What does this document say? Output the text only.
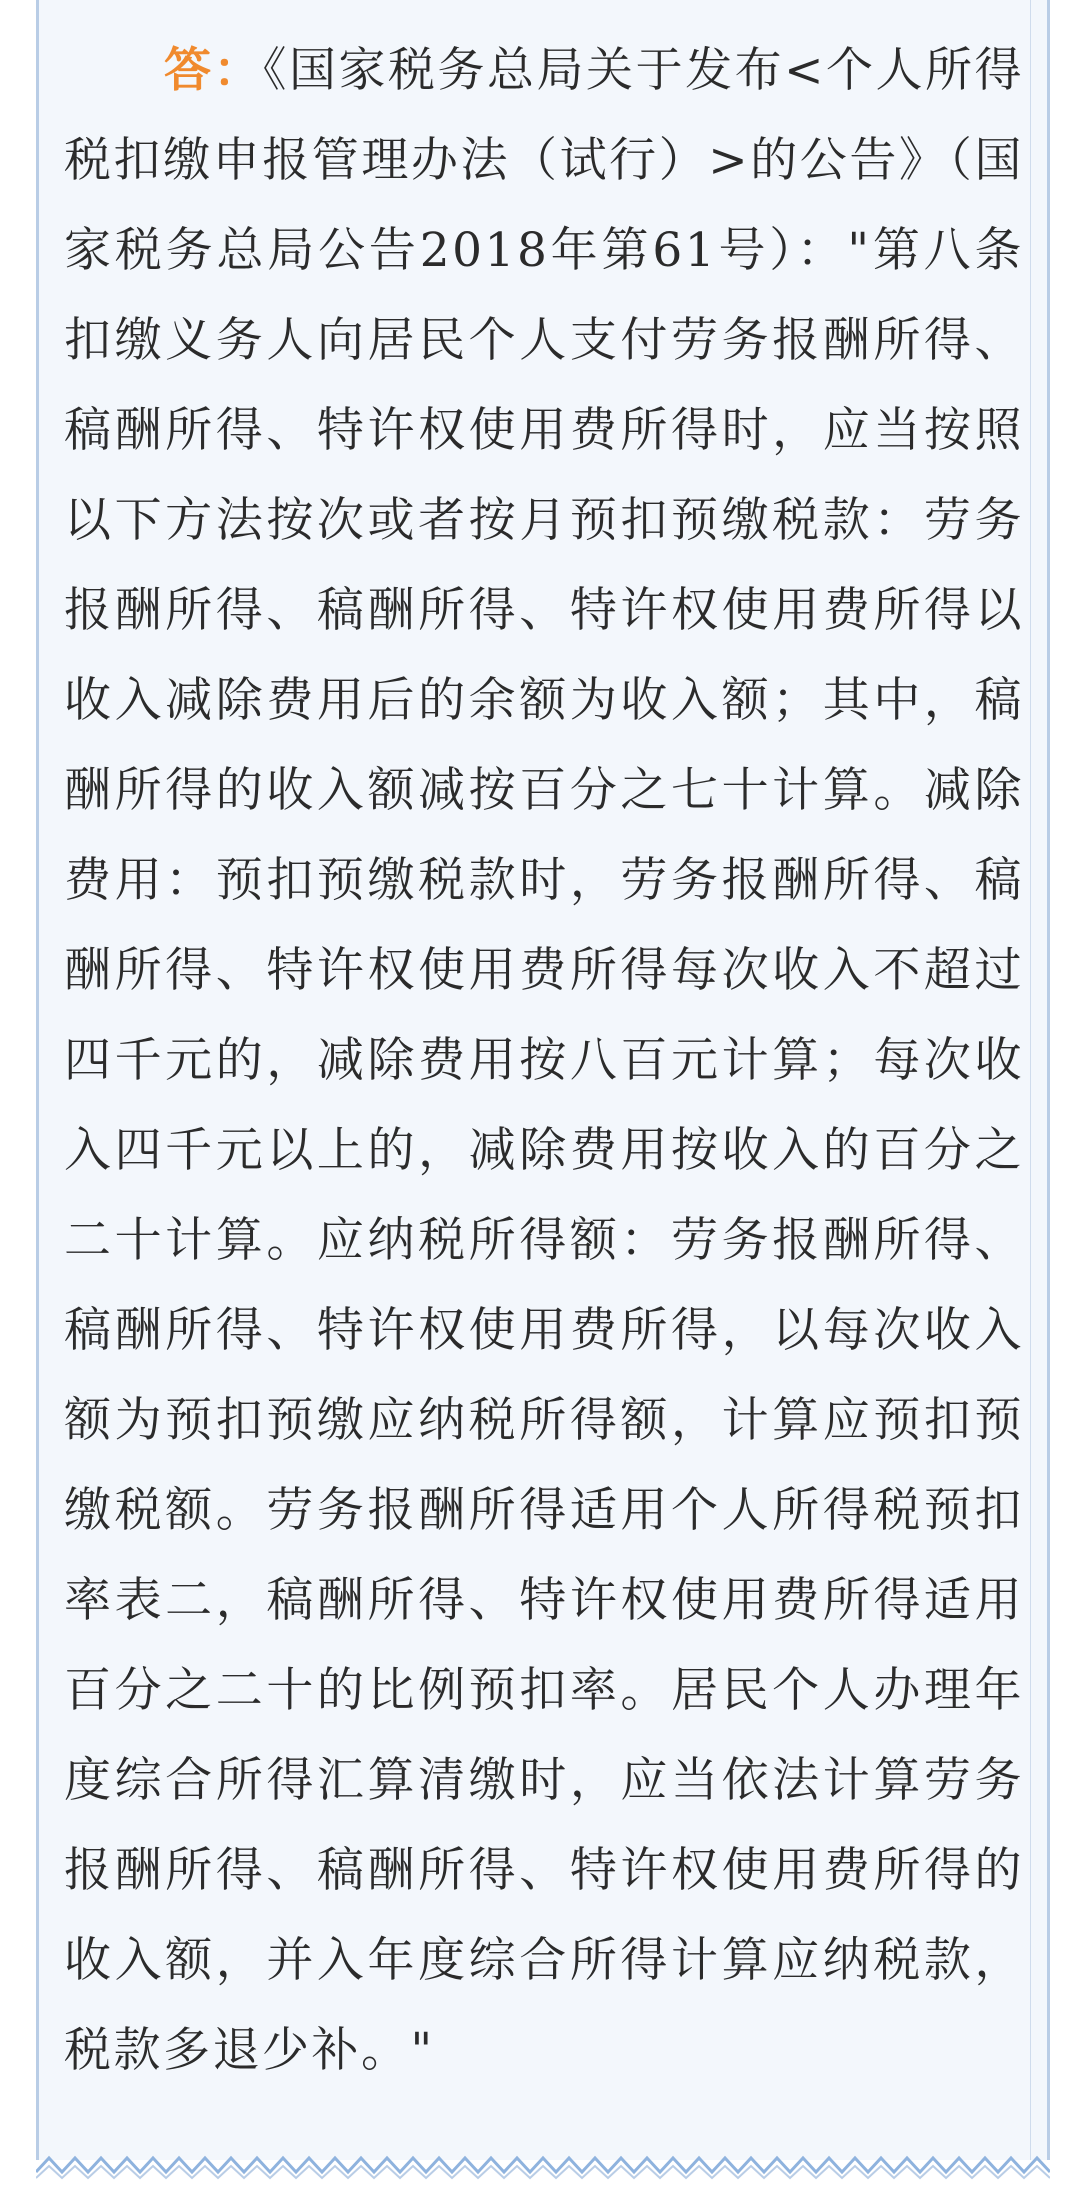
答：《国家税务总局关于发布<个人所得税扣缴申报管理办法（试行）>的公告》（国家税务总局公告2018年第61号）："第八条　扣缴义务人向居民个人支付劳务报酬所得、稿酬所得、特许权使用费所得时，应当按照以下方法按次或者按月预扣预缴税款：劳务报酬所得、稿酬所得、特许权使用费所得以收入减除费用后的余额为收入额；其中，稿酬所得的收入额减按百分之七十计算。减除费用：预扣预缴税款时，劳务报酬所得、稿酬所得、特许权使用费所得每次收入不超过四千元的，减除费用按八百元计算；每次收入四千元以上的，减除费用按收入的百分之二十计算。应纳税所得额：劳务报酬所得、稿酬所得、特许权使用费所得，以每次收入额为预扣预缴应纳税所得额，计算应预扣预缴税额。劳务报酬所得适用个人所得税预扣率表二，稿酬所得、特许权使用费所得适用百分之二十的比例预扣率。居民个人办理年度综合所得汇算清缴时，应当依法计算劳务报酬所得、稿酬所得、特许权使用费所得的收入额，并入年度综合所得计算应纳税款，税款多退少补。"
